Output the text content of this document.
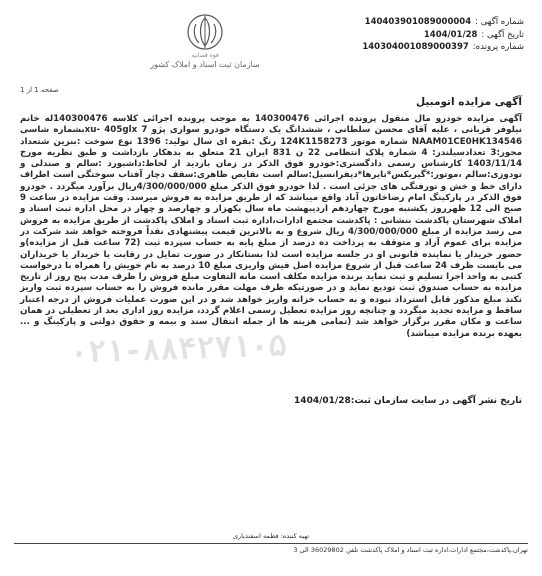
شماره آگهی :
140403901089000004
تاریخ آگهی :
1404/01/28
شماره پرونده:
140304001089000397
قوه قضاییه
سازمان ثبت اسناد و املاک کشور
صفحه 1 از 1
آگهی مزایده اتومبیل

آگهی مزایده خودرو مال منقول پرونده اجرائی 140300476 به موجب پرونده اجرائی کلاسه 140300476له خانم نیلوفر قربانی ، علیه آقای محسن سلطانی ، ششدانگ یک دستگاه خودرو سواری پژو 7 xu- 405glxبشماره شاسی NAAM01CE0HK134546 شماره موتور 124K1158273 رنگ :بقره ای سال تولید: 1396 نوع سوخت :بنزین شتعداد محور:3 تعدادسیلندر: 4 شماره پلاک انتظامی 22 ن 831 ایران 21 متعلق به بدهکار بازداشت و طبق نظریه مورخ 1403/11/14 کارشناس رسمی دادگستری:خودرو فوق الذکر در زمان بازدید از لحاظ:داشبورد :سالم و صندلی و تودوزی:سالم ،موتور:*گیربکس*تایرها*دیفرانسیل:سالم است نقایص ظاهری:سقف دچار آفتاب سوختگی است اطراف دارای خط و خش و تورفتگی های جزئی است . لذا خودرو فوق الذکر مبلغ 4/300/000/000ریال برآورد میگردد . خودرو فوق الذکر در پارکینگ امام رضاخاتون آباد واقع میباشد که از طریق مزایده به فروش میرسد. وقت مزایده در ساعت 9 صبح الی 12 ظهرروز یکشنبه مورخ چهاردهم اردیبهشت ماه سال یکهزار و چهارصد و چهار در محل اداره ثبت اسناد و املاک شهرستان پاکدشت بنشانی : پاکدشت مجتمع ادارات،اداره ثبت اسناد و املاک پاکدشت از طریق مزایده به فروش می رسد مزایده از مبلغ 4/300/000/000 ریال شروع و به بالاترین قیمت پیشنهادی نقداً فروخته خواهد شد شرکت در مزایده برای عموم آزاد و متوقف به پرداخت ده درصد از مبلغ پایه به حساب سپرده ثبت (72 ساعت قبل از مزایده)و حضور خریدار یا نماینده قانونی او در جلسه مزایده است لذا بستانکار در صورت تمایل در رقابت با خریدار یا خریداران می بایست ظرف 24 ساعت قبل از شروع مزایده اصل فیش واریزی مبلغ 10 درصد به نام خویش را همراه با درخواست کتبی به واحد اجرا تسلیم و ثبت نماید برنده مزایده مکلف است مابه التفاوت مبلغ فروش را ظرف مدت پنج روز از تاریخ مزایده به حساب صندوق ثبت تودیع نماید و در صورتیکه ظرف مهلت مقرر مانده فروش را به حساب سپرده ثبت واریز نکند مبلغ مذکور قابل استرداد نبوده و به حساب خزانه واریز خواهد شد و در این صورت عملیات فروش از درجه اعتبار ساقط و مزایده تجدید میگردد و چنانچه روز مزایده تعطیل رسمی اعلام گردد، مزایده روز اداری بعد از تعطیلی در همان ساعت و مکان مقرر برگزار خواهد شد (تمامی هزینه ها از جمله انتقال سند و بیمه و حقوق دولتی و پارکینگ و ... بعهده برنده مزایده میباشد)

۰۲۱-۸۸۴۲۷۱۰۵
تاریخ نشر آگهی در سایت سازمان ثبت:1404/01/28
تهیه کننده: فطمه اسفندیاری
تهران،پاکدشت،مجتمع ادارات،اداره ثبت اسناد و املاک پاکدشت تلفن 36029802 الی 3
